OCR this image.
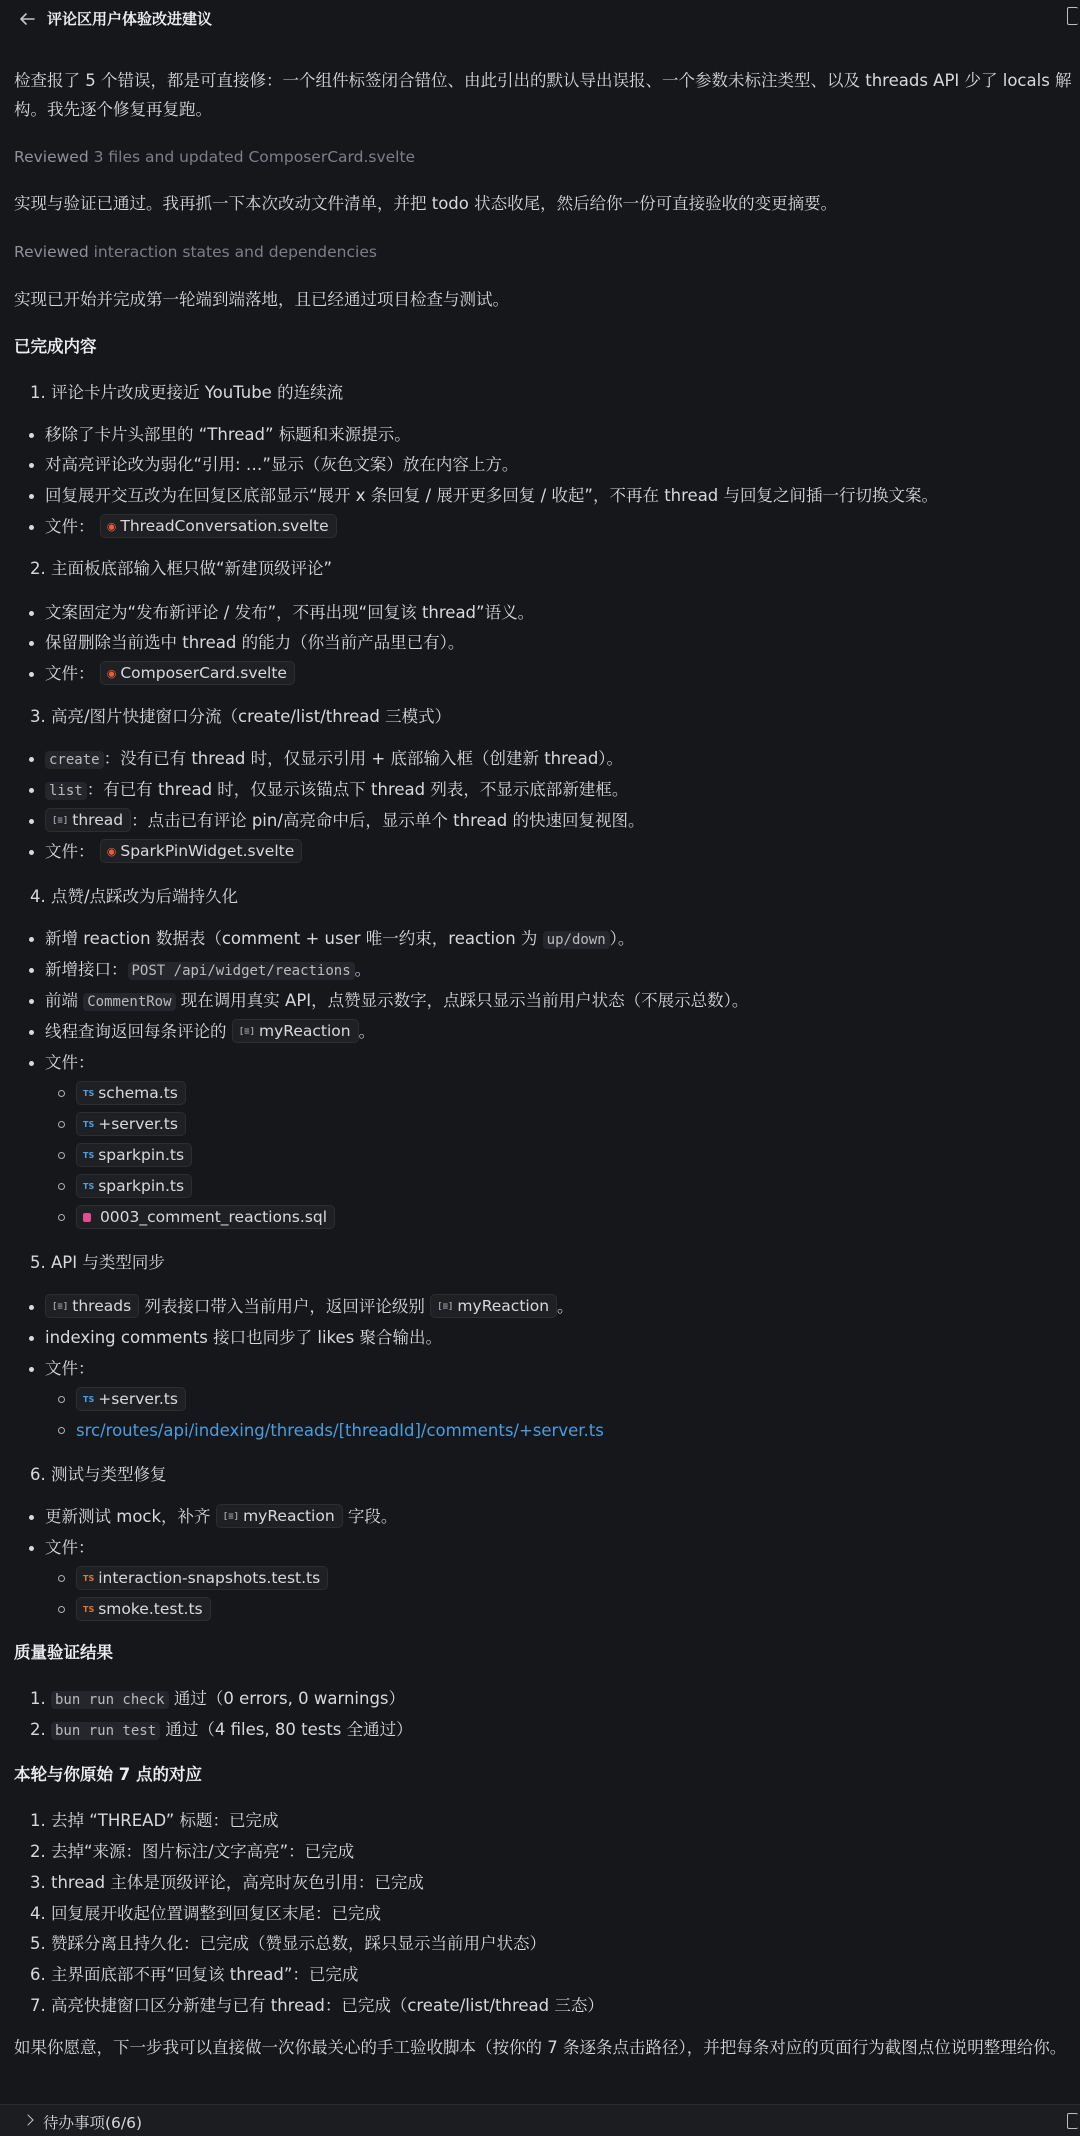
评论区用户体验改进建议
检查报了 5 个错误，都是可直接修：一个组件标签闭合错位、由此引出的默认导出误报、一个参数未标注类型、以及 threads API 少了 locals 解构。我先逐个修复再复跑。
Reviewed 3 files and updated ComposerCard.svelte
实现与验证已通过。我再抓一下本次改动文件清单，并把 todo 状态收尾，然后给你一份可直接验收的变更摘要。
Reviewed interaction states and dependencies
实现已开始并完成第一轮端到端落地，且已经通过项目检查与测试。
已完成内容
1. 评论卡片改成更接近 YouTube 的连续流
移除了卡片头部里的 “Thread” 标题和来源提示。
对高亮评论改为弱化“引用: …”显示（灰色文案）放在内容上方。
回复展开交互改为在回复区底部显示“展开 x 条回复 / 展开更多回复 / 收起”，不再在 thread 与回复之间插一行切换文案。
文件： ◉ ThreadConversation.svelte
2. 主面板底部输入框只做“新建顶级评论”
文案固定为“发布新评论 / 发布”，不再出现“回复该 thread”语义。
保留删除当前选中 thread 的能力（你当前产品里已有）。
文件： ◉ ComposerCard.svelte
3. 高亮/图片快捷窗口分流（create/list/thread 三模式）
create ：没有已有 thread 时，仅显示引用 + 底部输入框（创建新 thread）。
list ：有已有 thread 时，仅显示该锚点下 thread 列表，不显示底部新建框。
[≡] thread ：点击已有评论 pin/高亮命中后，显示单个 thread 的快速回复视图。
文件： ◉ SparkPinWidget.svelte
4. 点赞/点踩改为后端持久化
新增 reaction 数据表（comment + user 唯一约束，reaction 为 up/down ）。
新增接口： POST /api/widget/reactions 。
前端 CommentRow 现在调用真实 API，点赞显示数字，点踩只显示当前用户状态（不展示总数）。
线程查询返回每条评论的 [≡] myReaction 。
文件：
TS schema.ts
TS +server.ts
TS sparkpin.ts
TS sparkpin.ts
0003_comment_reactions.sql
5. API 与类型同步
[≡] threads 列表接口带入当前用户，返回评论级别 [≡] myReaction 。
indexing comments 接口也同步了 likes 聚合输出。
文件：
TS +server.ts
src/routes/api/indexing/threads/[threadId]/comments/+server.ts
6. 测试与类型修复
更新测试 mock，补齐 [≡] myReaction 字段。
文件：
TS interaction-snapshots.test.ts
TS smoke.test.ts
质量验证结果
1. bun run check 通过（0 errors, 0 warnings）
2. bun run test 通过（4 files, 80 tests 全通过）
本轮与你原始 7 点的对应
1. 去掉 “THREAD” 标题：已完成
2. 去掉“来源：图片标注/文字高亮”：已完成
3. thread 主体是顶级评论，高亮时灰色引用：已完成
4. 回复展开收起位置调整到回复区末尾：已完成
5. 赞踩分离且持久化：已完成（赞显示总数，踩只显示当前用户状态）
6. 主界面底部不再“回复该 thread”：已完成
7. 高亮快捷窗口区分新建与已有 thread：已完成（create/list/thread 三态）
如果你愿意，下一步我可以直接做一次你最关心的手工验收脚本（按你的 7 条逐条点击路径），并把每条对应的页面行为截图点位说明整理给你。
待办事项(6/6)
